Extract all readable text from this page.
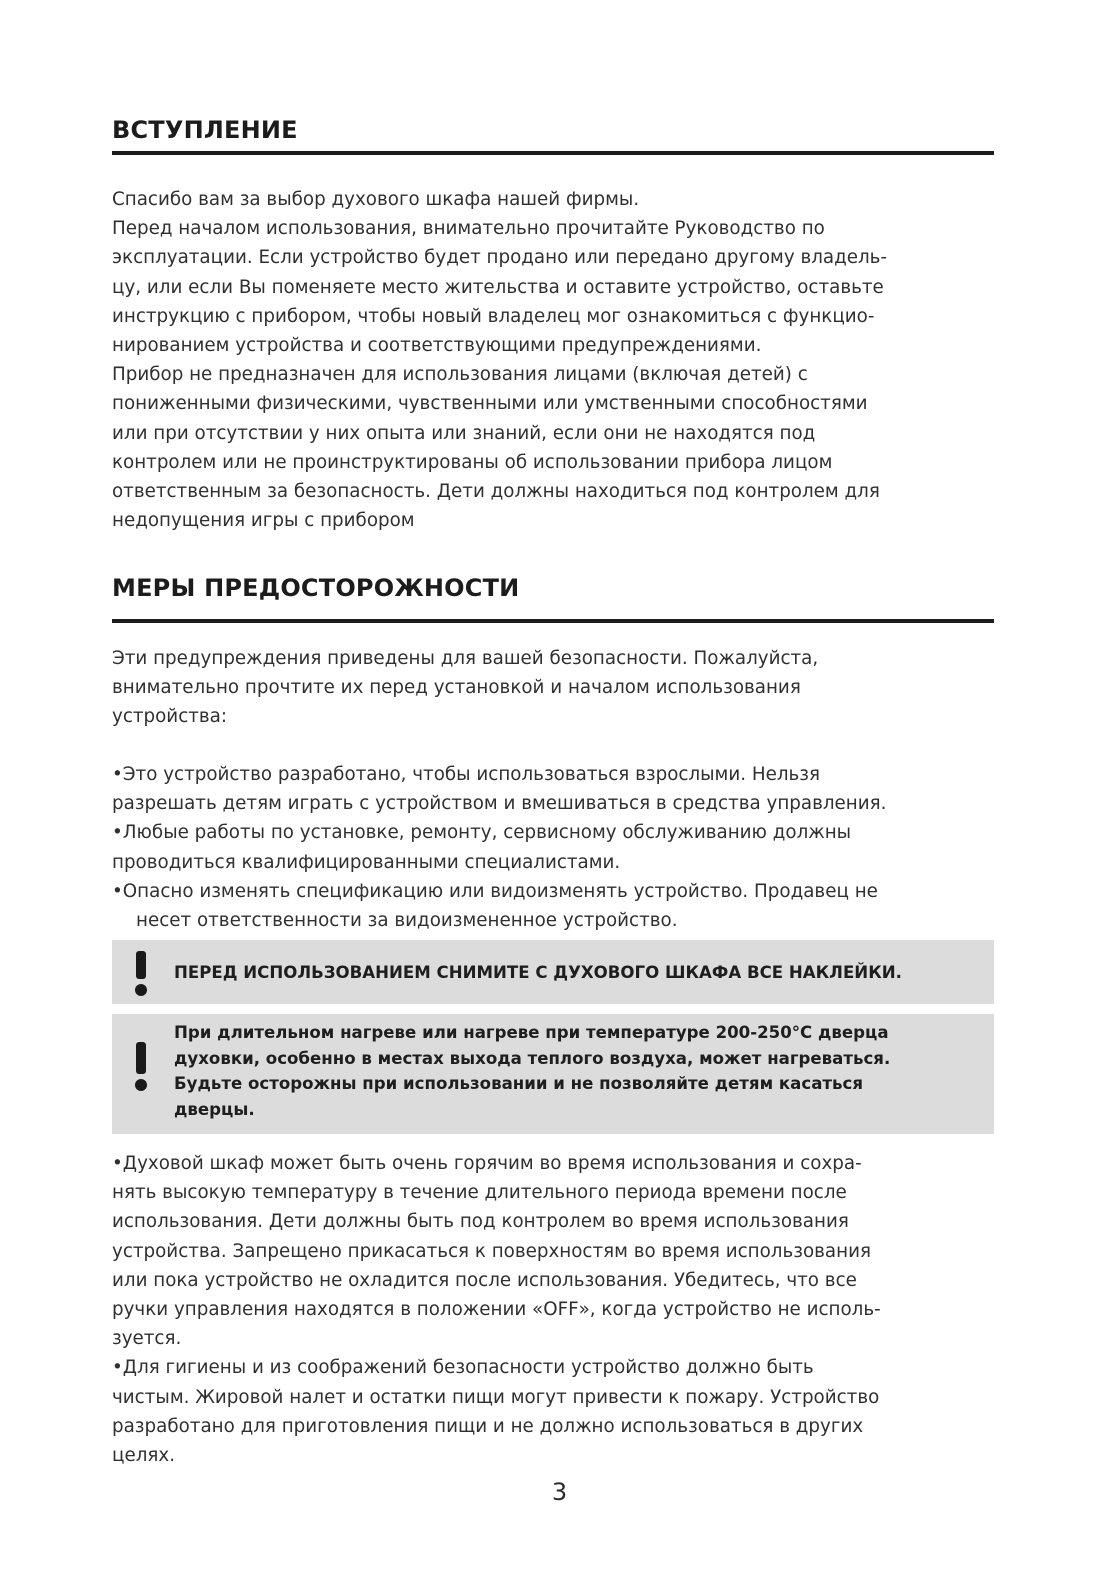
3
ВСТУПЛЕНИЕ
Спасибо вам за выбор духового шкафа нашей фирмы.
Перед началом использования, внимательно прочитайте Руководство по
эксплуатации. Если устройство будет продано или передано другому владель-
цу, или если Вы поменяете место жительства и оставите устройство, оставьте
инструкцию с прибором, чтобы новый владелец мог ознакомиться с функцио-
нированием устройства и соответствующими предупреждениями.
Прибор не предназначен для использования лицами (включая детей) с
пониженными физическими, чувственными или умственными способностями
или при отсутствии у них опыта или знаний, если они не находятся под
контролем или не проинструктированы об использовании прибора лицом
ответственным за безопасность. Дети должны находиться под контролем для
недопущения игры с прибором
МЕРЫ ПРЕДОСТОРОЖНОСТИ
Эти предупреждения приведены для вашей безопасности. Пожалуйста,
внимательно прочтите их перед установкой и началом использования
устройства:
•Это устройство разработано, чтобы использоваться взрослыми. Нельзя
разрешать детям играть с устройством и вмешиваться в средства управления.
•Любые работы по установке, ремонту, сервисному обслуживанию должны
проводиться квалифицированными специалистами.
•Опасно изменять спецификацию или видоизменять устройство. Продавец не
несет ответственности за видоизмененное устройство.
ПЕРЕД ИСПОЛЬЗОВАНИЕМ СНИМИТЕ С ДУХОВОГО ШКАФА ВСЕ НАКЛЕЙКИ.
При длительном нагреве или нагреве при температуре 200-250°С дверца
духовки, особенно в местах выхода теплого воздуха, может нагреваться.
Будьте осторожны при использовании и не позволяйте детям касаться
дверцы.
•Духовой шкаф может быть очень горячим во время использования и сохра-
нять высокую температуру в течение длительного периода времени после
использования. Дети должны быть под контролем во время использования
устройства. Запрещено прикасаться к поверхностям во время использования
или пока устройство не охладится после использования. Убедитесь, что все
ручки управления находятся в положении «OFF», когда устройство не исполь-
зуется.
•Для гигиены и из соображений безопасности устройство должно быть
чистым. Жировой налет и остатки пищи могут привести к пожару. Устройство
разработано для приготовления пищи и не должно использоваться в других
целях.
